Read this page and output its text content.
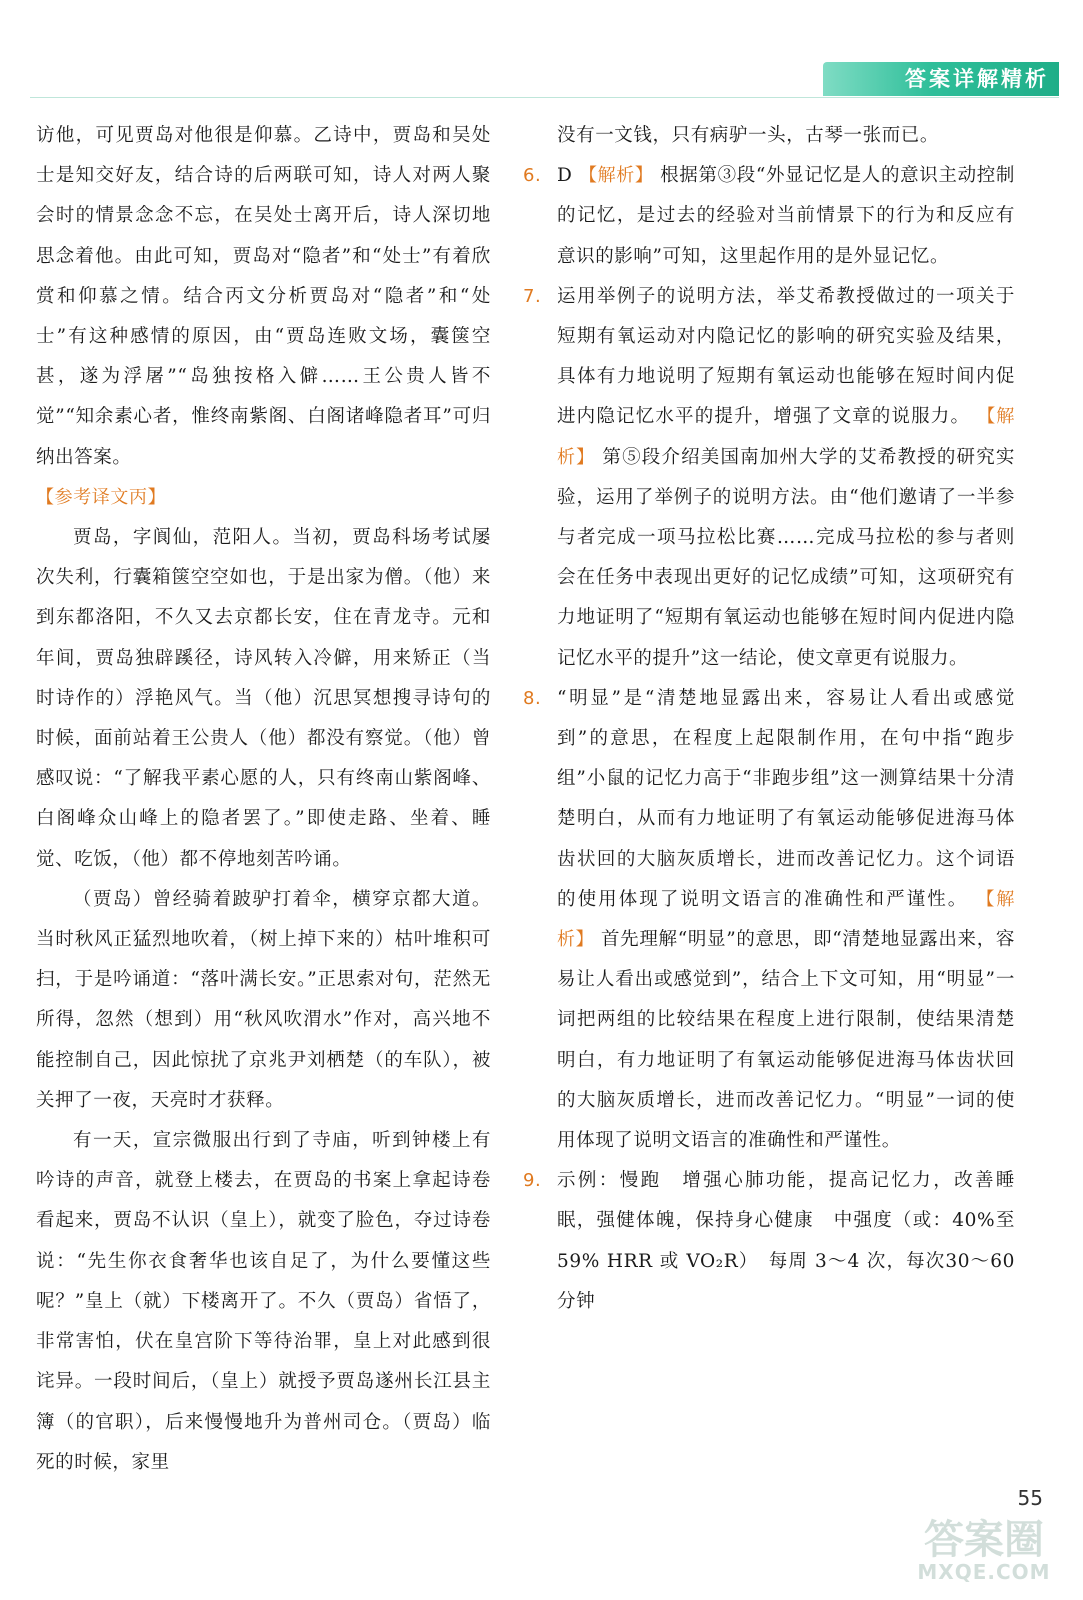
答案详解精析

访他，可见贾岛对他很是仰慕。乙诗中，贾岛和吴处士是知交好友，结合诗的后两联可知，诗人对两人聚会时的情景念念不忘，在吴处士离开后，诗人深切地思念着他。由此可知，贾岛对“隐者”和“处士”有着欣赏和仰慕之情。结合丙文分析贾岛对“隐者”和“处士”有这种感情的原因，由“贾岛连败文场，囊箧空甚，遂为浮屠”“岛独按格入僻……王公贵人皆不觉”“知余素心者，惟终南紫阁、白阁诸峰隐者耳”可归纳出答案。

【参考译文丙】

贾岛，字阆仙，范阳人。当初，贾岛科场考试屡次失利，行囊箱箧空空如也，于是出家为僧。（他）来到东都洛阳，不久又去京都长安，住在青龙寺。元和年间，贾岛独辟蹊径，诗风转入冷僻，用来矫正（当时诗作的）浮艳风气。当（他）沉思冥想搜寻诗句的时候，面前站着王公贵人（他）都没有察觉。（他）曾感叹说：“了解我平素心愿的人，只有终南山紫阁峰、白阁峰众山峰上的隐者罢了。”即使走路、坐着、睡觉、吃饭，（他）都不停地刻苦吟诵。

（贾岛）曾经骑着跛驴打着伞，横穿京都大道。当时秋风正猛烈地吹着，（树上掉下来的）枯叶堆积可扫，于是吟诵道：“落叶满长安。”正思索对句，茫然无所得，忽然（想到）用“秋风吹渭水”作对，高兴地不能控制自己，因此惊扰了京兆尹刘栖楚（的车队），被关押了一夜，天亮时才获释。

有一天，宣宗微服出行到了寺庙，听到钟楼上有吟诗的声音，就登上楼去，在贾岛的书案上拿起诗卷看起来，贾岛不认识（皇上），就变了脸色，夺过诗卷说：“先生你衣食奢华也该自足了，为什么要懂这些呢？”皇上（就）下楼离开了。不久（贾岛）省悟了，非常害怕，伏在皇宫阶下等待治罪，皇上对此感到很诧异。一段时间后，（皇上）就授予贾岛遂州长江县主簿（的官职），后来慢慢地升为普州司仓。（贾岛）临死的时候，家里

没有一文钱，只有病驴一头，古琴一张而已。

6. D 【解析】 根据第③段“外显记忆是人的意识主动控制的记忆，是过去的经验对当前情景下的行为和反应有意识的影响”可知，这里起作用的是外显记忆。

7. 运用举例子的说明方法，举艾希教授做过的一项关于短期有氧运动对内隐记忆的影响的研究实验及结果，具体有力地说明了短期有氧运动也能够在短时间内促进内隐记忆水平的提升，增强了文章的说服力。 【解析】 第⑤段介绍美国南加州大学的艾希教授的研究实验，运用了举例子的说明方法。由“他们邀请了一半参与者完成一项马拉松比赛……完成马拉松的参与者则会在任务中表现出更好的记忆成绩”可知，这项研究有力地证明了“短期有氧运动也能够在短时间内促进内隐记忆水平的提升”这一结论，使文章更有说服力。

8. “明显”是“清楚地显露出来，容易让人看出或感觉到”的意思，在程度上起限制作用，在句中指“跑步组”小鼠的记忆力高于“非跑步组”这一测算结果十分清楚明白，从而有力地证明了有氧运动能够促进海马体齿状回的大脑灰质增长，进而改善记忆力。这个词语的使用体现了说明文语言的准确性和严谨性。 【解析】 首先理解“明显”的意思，即“清楚地显露出来，容易让人看出或感觉到”，结合上下文可知，用“明显”一词把两组的比较结果在程度上进行限制，使结果清楚明白，有力地证明了有氧运动能够促进海马体齿状回的大脑灰质增长，进而改善记忆力。“明显”一词的使用体现了说明文语言的准确性和严谨性。

9. 示例：慢跑　增强心肺功能，提高记忆力，改善睡眠，强健体魄，保持身心健康　中强度（或：40%至59% HRR 或 VO₂R）　每周 3～4 次，每次30～60分钟

55
答案圈
MXQE.COM
